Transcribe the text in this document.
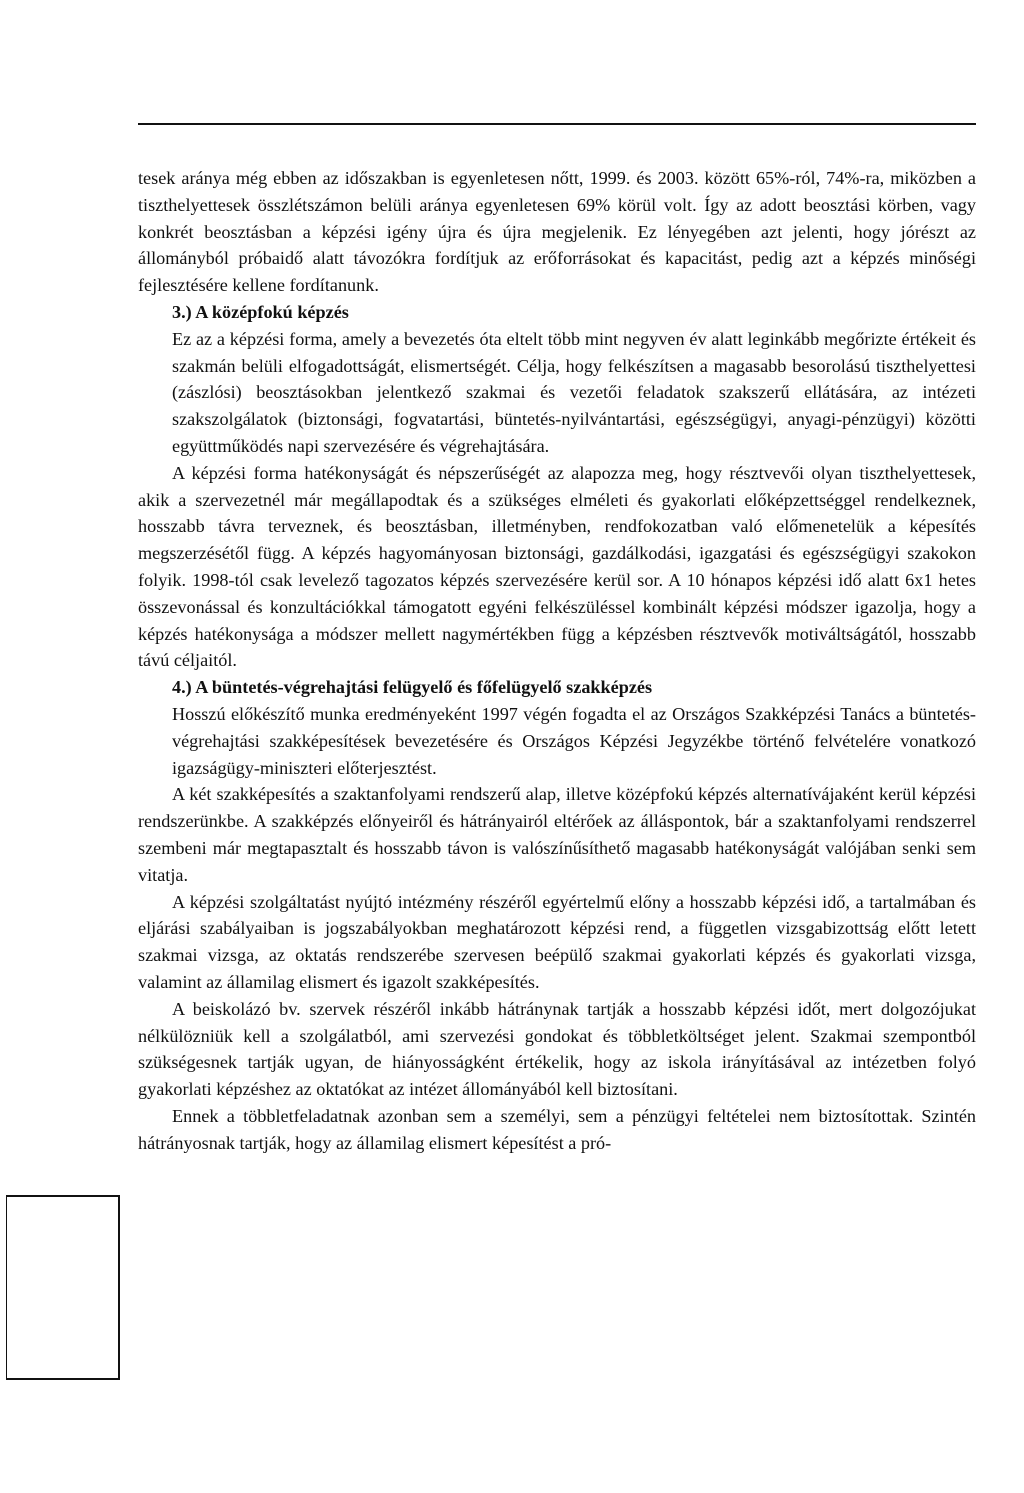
tesek aránya még ebben az időszakban is egyenletesen nőtt, 1999. és 2003. között 65%-ról, 74%-ra, miközben a tiszthelyettesek összlétszámon belüli aránya egyenletesen 69% körül volt. Így az adott beosztási körben, vagy konkrét beosztásban a képzési igény újra és újra megjelenik. Ez lényegében azt jelenti, hogy jórészt az állományból próbaidő alatt távozókra fordítjuk az erőforrásokat és kapacitást, pedig azt a képzés minőségi fejlesztésére kellene fordítanunk.

3.) A középfokú képzés

Ez az a képzési forma, amely a bevezetés óta eltelt több mint negyven év alatt leginkább megőrizte értékeit és szakmán belüli elfogadottságát, elismertségét. Célja, hogy felkészítsen a magasabb besorolású tiszthelyettesi (zászlósi) beosztásokban jelentkező szakmai és vezetői feladatok szakszerű ellátására, az intézeti szakszolgálatok (biztonsági, fogvatartási, büntetés-nyilvántartási, egészségügyi, anyagi-pénzügyi) közötti együttműködés napi szervezésére és végrehajtására.

A képzési forma hatékonyságát és népszerűségét az alapozza meg, hogy résztvevői olyan tiszthelyettesek, akik a szervezetnél már megállapodtak és a szükséges elméleti és gyakorlati előképzettséggel rendelkeznek, hosszabb távra terveznek, és beosztásban, illetményben, rendfokozatban való előmenetelük a képesítés megszerzésétől függ. A képzés hagyományosan biztonsági, gazdálkodási, igazgatási és egészségügyi szakokon folyik. 1998-tól csak levelező tagozatos képzés szervezésére kerül sor. A 10 hónapos képzési idő alatt 6x1 hetes összevonással és konzultációkkal támogatott egyéni felkészüléssel kombinált képzési módszer igazolja, hogy a képzés hatékonysága a módszer mellett nagymértékben függ a képzésben résztvevők motiváltságától, hosszabb távú céljaitól.

4.) A büntetés-végrehajtási felügyelő és főfelügyelő szakképzés

Hosszú előkészítő munka eredményeként 1997 végén fogadta el az Országos Szakképzési Tanács a büntetés-végrehajtási szakképesítések bevezetésére és Országos Képzési Jegyzékbe történő felvételére vonatkozó igazságügy-miniszteri előterjesztést.

A két szakképesítés a szaktanfolyami rendszerű alap, illetve középfokú képzés alternatívájaként kerül képzési rendszerünkbe. A szakképzés előnyeiről és hátrányairól eltérőek az álláspontok, bár a szaktanfolyami rendszerrel szembeni már megtapasztalt és hosszabb távon is valószínűsíthető magasabb hatékonyságát valójában senki sem vitatja.

A képzési szolgáltatást nyújtó intézmény részéről egyértelmű előny a hosszabb képzési idő, a tartalmában és eljárási szabályaiban is jogszabályokban meghatározott képzési rend, a független vizsgabizottság előtt letett szakmai vizsga, az oktatás rendszerébe szervesen beépülő szakmai gyakorlati képzés és gyakorlati vizsga, valamint az államilag elismert és igazolt szakképesítés.

A beiskolázó bv. szervek részéről inkább hátránynak tartják a hosszabb képzési időt, mert dolgozójukat nélkülözniük kell a szolgálatból, ami szervezési gondokat és többletköltséget jelent. Szakmai szempontból szükségesnek tartják ugyan, de hiányosságként értékelik, hogy az iskola irányításával az intézetben folyó gyakorlati képzéshez az oktatókat az intézet állományából kell biztosítani.

Ennek a többletfeladatnak azonban sem a személyi, sem a pénzügyi feltételei nem biztosítottak. Szintén hátrányosnak tartják, hogy az államilag elismert képesítést a pró-
